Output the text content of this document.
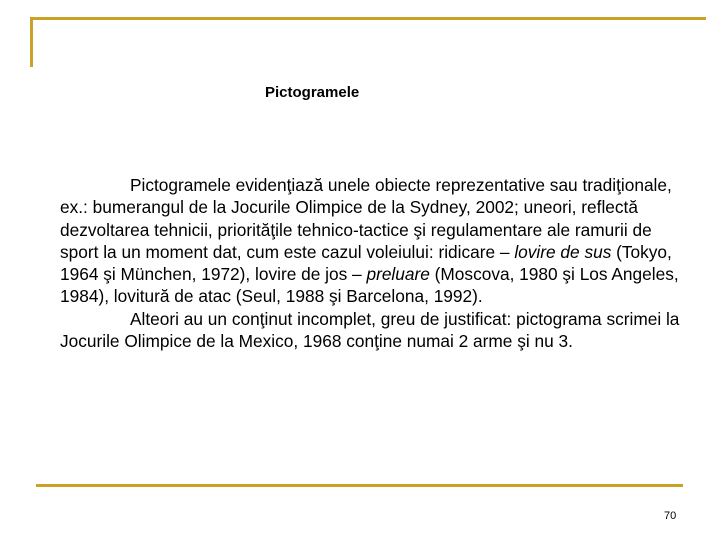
Pictogramele

Pictogramele evidenţiază unele obiecte reprezentative sau tradiţionale, ex.: bumerangul de la Jocurile Olimpice de la Sydney, 2002; uneori, reflectă dezvoltarea tehnicii, priorităţile tehnico-tactice şi regulamentare ale ramurii de sport la un moment dat, cum este cazul voleiului: ridicare – lovire de sus (Tokyo, 1964 şi München, 1972), lovire de jos – preluare (Moscova, 1980 şi Los Angeles, 1984), lovitură de atac (Seul, 1988 şi Barcelona, 1992).

Alteori au un conţinut incomplet, greu de justificat: pictograma scrimei la Jocurile Olimpice de la Mexico, 1968 conţine numai 2 arme şi nu 3.

70
